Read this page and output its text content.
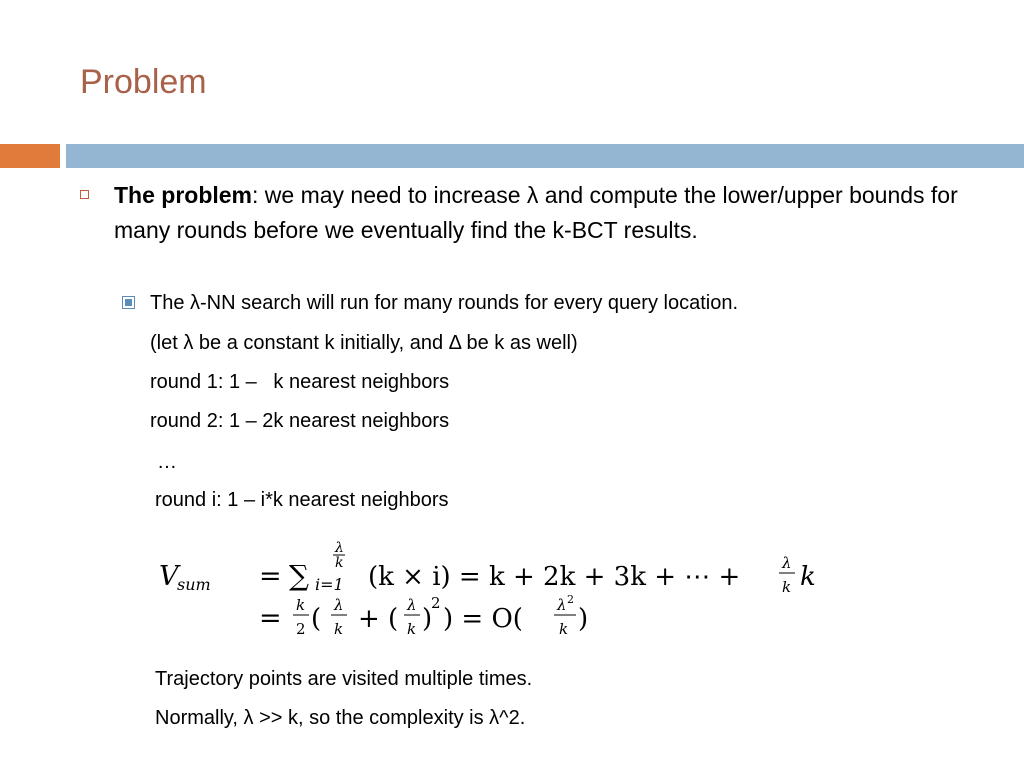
Problem
The problem: we may need to increase λ and compute the lower/upper bounds for many rounds before we eventually find the k-BCT results.
The λ-NN search will run for many rounds for every query location.
(let λ be a constant k initially, and Δ be k as well)
round 1: 1 –   k nearest neighbors
round 2: 1 – 2k nearest neighbors
…
round i: 1 – i*k nearest neighbors
V
sum = ∑
λ
k
i=1 (k × i) = k + 2k + 3k + ⋯ +	λ
k k
= k
2 ( λ
k + ( λ
k )
2
) = O( λ 2
k )
Trajectory points are visited multiple times.
Normally, λ >> k, so the complexity is λ^2.
